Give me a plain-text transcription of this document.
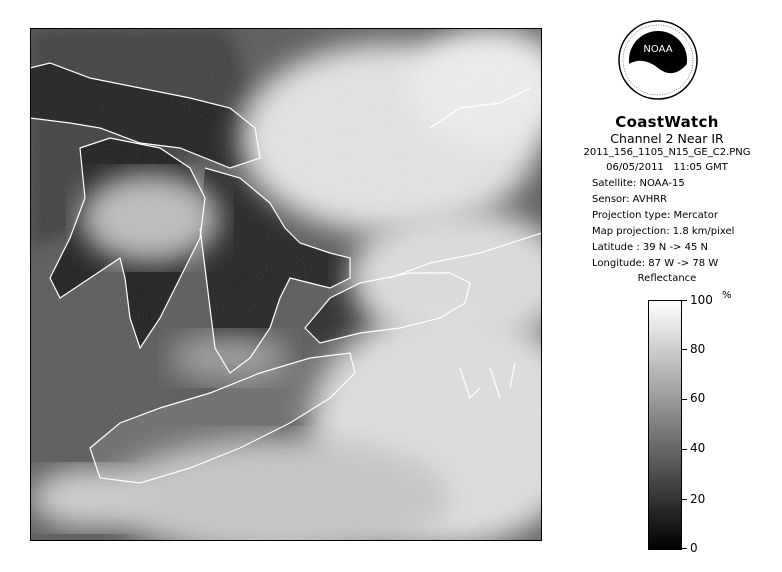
NOAA
CoastWatch
Channel 2 Near IR
2011_156_1105_N15_GE_C2.PNG
06/05/2011 11:05 GMT
Satellite: NOAA-15
Sensor: AVHRR
Projection type: Mercator
Map projection: 1.8 km/pixel
Latitude : 39 N -> 45 N
Longitude: 87 W -> 78 W
Reflectance
%
100
80
60
40
20
0
